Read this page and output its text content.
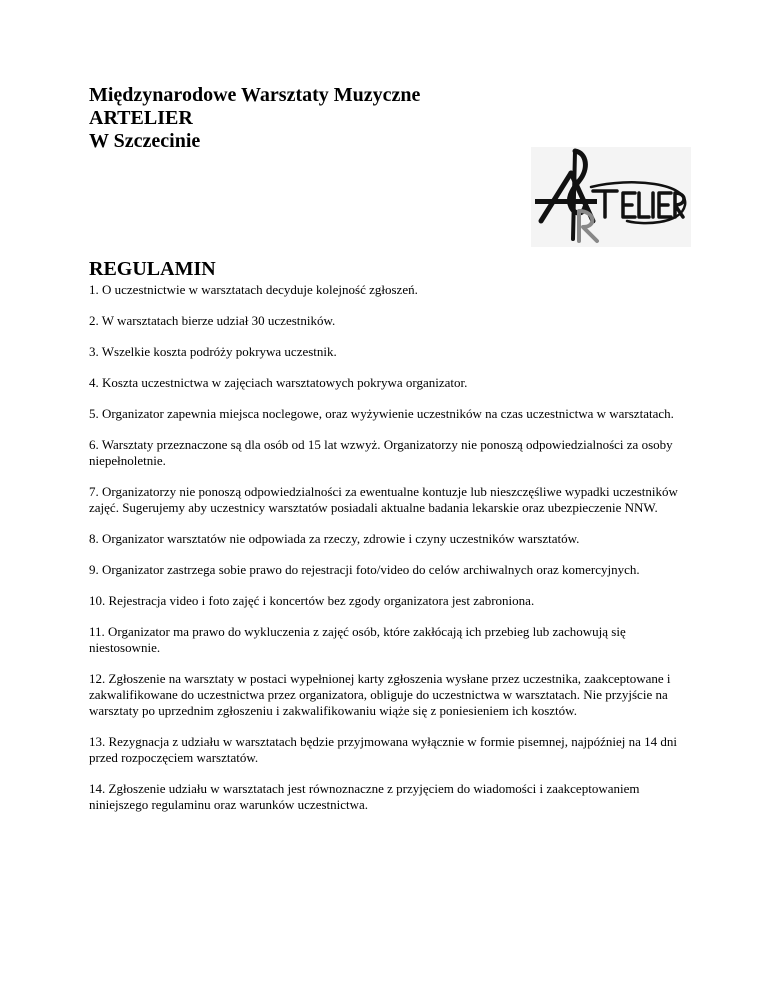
Międzynarodowe Warsztaty Muzyczne
ARTELIER
W Szczecinie
REGULAMIN
1. O uczestnictwie w warsztatach decyduje kolejność zgłoszeń.
2. W warsztatach bierze udział 30 uczestników.
3. Wszelkie koszta podróży pokrywa uczestnik.
4. Koszta uczestnictwa w zajęciach warsztatowych pokrywa organizator.
5. Organizator zapewnia miejsca noclegowe, oraz wyżywienie uczestników na czas uczestnictwa w warsztatach.
6. Warsztaty przeznaczone są dla osób od 15 lat wzwyż. Organizatorzy nie ponoszą odpowiedzialności za osoby niepełnoletnie.
7. Organizatorzy nie ponoszą odpowiedzialności za ewentualne kontuzje lub nieszczęśliwe wypadki uczestników zajęć. Sugerujemy aby uczestnicy warsztatów posiadali aktualne badania lekarskie oraz ubezpieczenie NNW.
8. Organizator warsztatów nie odpowiada za rzeczy, zdrowie i czyny uczestników warsztatów.
9. Organizator zastrzega sobie prawo do rejestracji foto/video do celów archiwalnych oraz komercyjnych.
10. Rejestracja video i foto zajęć i koncertów bez zgody organizatora jest zabroniona.
11. Organizator ma prawo do wykluczenia z zajęć osób, które zakłócają ich przebieg lub zachowują się niestosownie.
12. Zgłoszenie na warsztaty w postaci wypełnionej karty zgłoszenia wysłane przez uczestnika, zaakceptowane i zakwalifikowane do uczestnictwa przez organizatora, obliguje do uczestnictwa w warsztatach. Nie przyjście na warsztaty po uprzednim zgłoszeniu i zakwalifikowaniu wiąże się z poniesieniem ich kosztów.
13. Rezygnacja z udziału w warsztatach będzie przyjmowana wyłącznie w formie pisemnej, najpóźniej na 14 dni przed rozpoczęciem warsztatów.
14. Zgłoszenie udziału w warsztatach jest równoznaczne z przyjęciem do wiadomości i zaakceptowaniem niniejszego regulaminu oraz warunków uczestnictwa.
